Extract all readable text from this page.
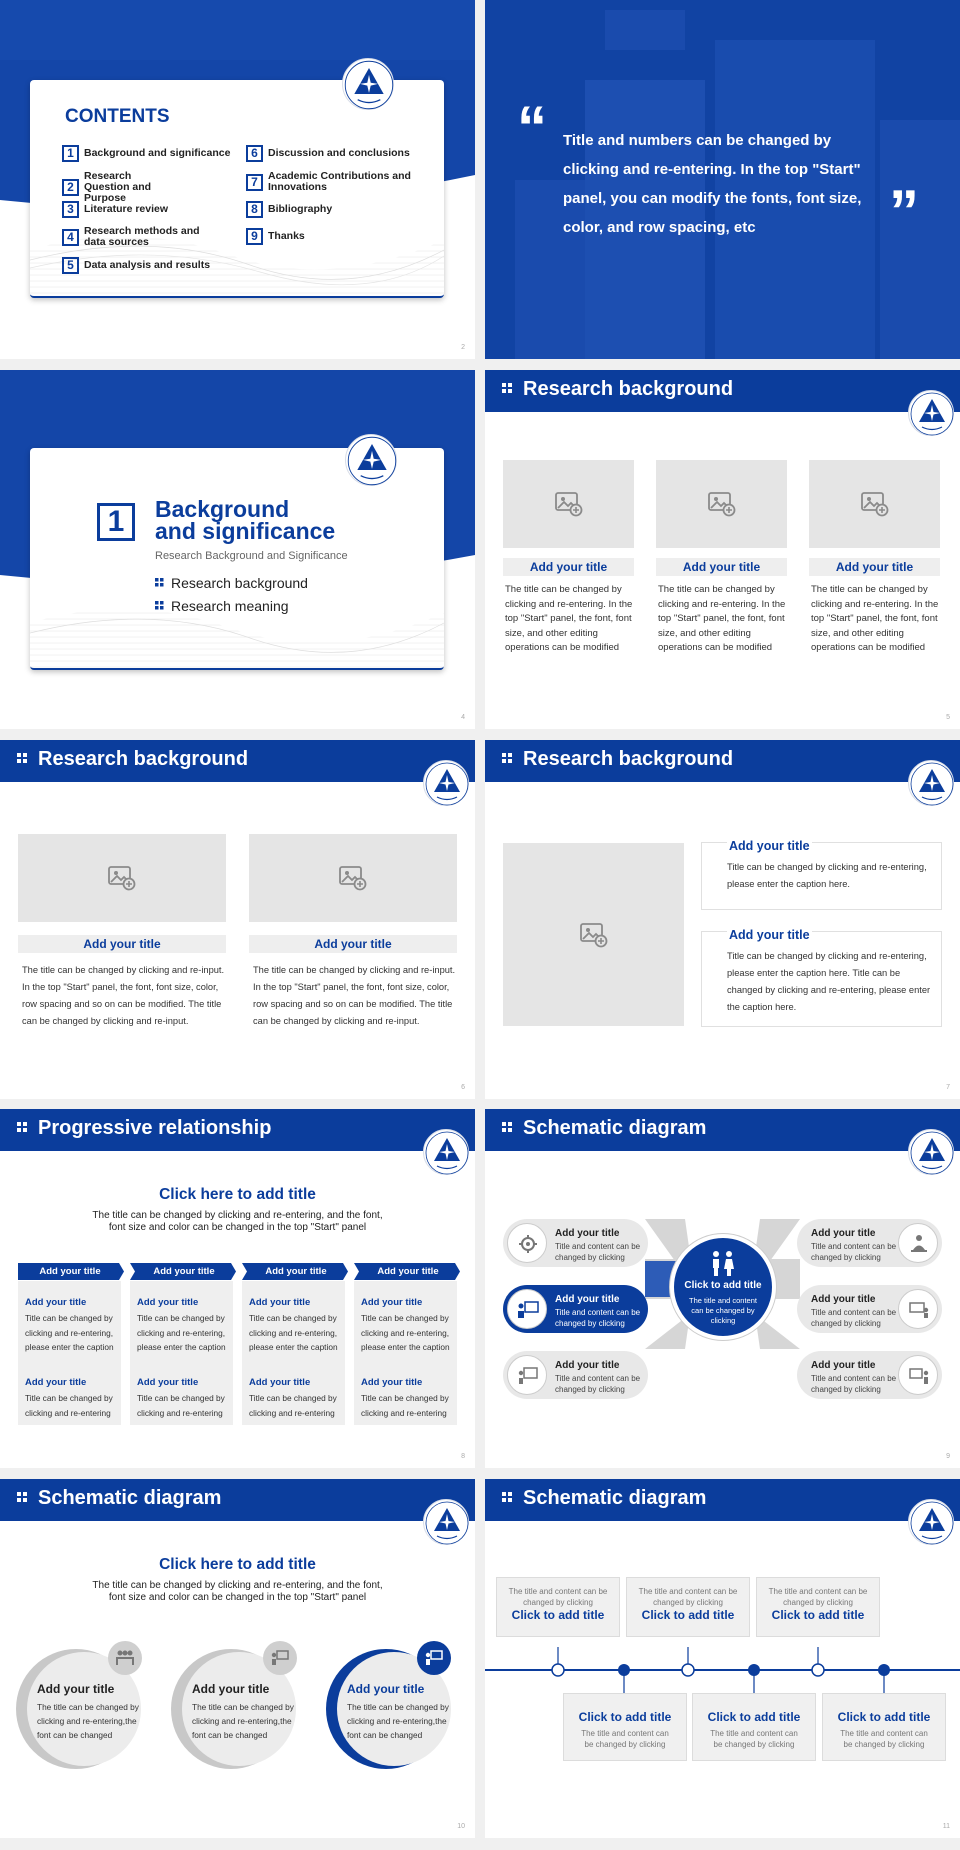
CONTENTS
1 Background and significance
2
Research Question and Purpose
3 Literature review
4 Research methods and data sources
5 Data analysis and results
6 Discussion and conclusions
7 Academic Contributions and Innovations
8 Bibliography
9 Thanks
2
“ Title and numbers can be changed by clicking and re-entering. In the top "Start" panel, you can modify the fonts, font size, color, and row spacing, etc	”
1	Background
and significance
Research Background and Significance
Research background
Research meaning
4
Research background
Add your title
The title can be changed by clicking and re-entering. In the top "Start" panel, the font, font size, and other editing operations can be modified
Add your title
The title can be changed by clicking and re-entering. In the top "Start" panel, the font, font size, and other editing operations can be modified
Add your title
The title can be changed by clicking and re-entering. In the top "Start" panel, the font, font size, and other editing operations can be modified
5
Research background
Add your title
The title can be changed by clicking and re-input. In the top "Start" panel, the font, font size, color, row spacing and so on can be modified. The title can be changed by clicking and re-input.
Add your title
The title can be changed by clicking and re-input. In the top "Start" panel, the font, font size, color, row spacing and so on can be modified. The title can be changed by clicking and re-input.
6
Research background
Add your title
Title can be changed by clicking and re-entering, please enter the caption here.
Add your title
Title can be changed by clicking and re-entering, please enter the caption here. Title can be changed by clicking and re-entering, please enter the caption here.
7
Progressive relationship
Click here to add title
The title can be changed by clicking and re-entering, and the font,
font size and color can be changed in the top "Start" panel
Add your title	Add your title	Add your title	Add your title
Add your title
Title can be changed by clicking and re-entering, please enter the caption
Add your title
Title can be changed by clicking and re-entering
Add your title
Title can be changed by clicking and re-entering, please enter the caption
Add your title
Title can be changed by clicking and re-entering
Add your title
Title can be changed by clicking and re-entering, please enter the caption
Add your title
Title can be changed by clicking and re-entering
Add your title
Title can be changed by clicking and re-entering, please enter the caption
Add your title
Title can be changed by clicking and re-entering
8
Schematic diagram
Add your title
Title and content can be changed by clicking
Add your title
Title and content can be changed by clicking
Add your title
Title and content can be changed by clicking
Add your title
Title and content can be changed by clicking
Add your title
Title and content can be changed by clicking
Add your title
Title and content can be changed by clicking
Click to add title
The title and content can be changed by clicking
9
Schematic diagram
Click here to add title
The title can be changed by clicking and re-entering, and the font,
font size and color can be changed in the top "Start" panel
Add your title
The title can be changed by clicking and re-entering,the font can be changed
Add your title
The title can be changed by clicking and re-entering,the font can be changed
Add your title
The title can be changed by clicking and re-entering,the font can be changed
10
Schematic diagram
The title and content can be changed by clicking
Click to add title
The title and content can be changed by clicking
Click to add title
The title and content can be changed by clicking
Click to add title
Click to add title
The title and content can be changed by clicking
Click to add title
The title and content can be changed by clicking
Click to add title
The title and content can be changed by clicking
11
